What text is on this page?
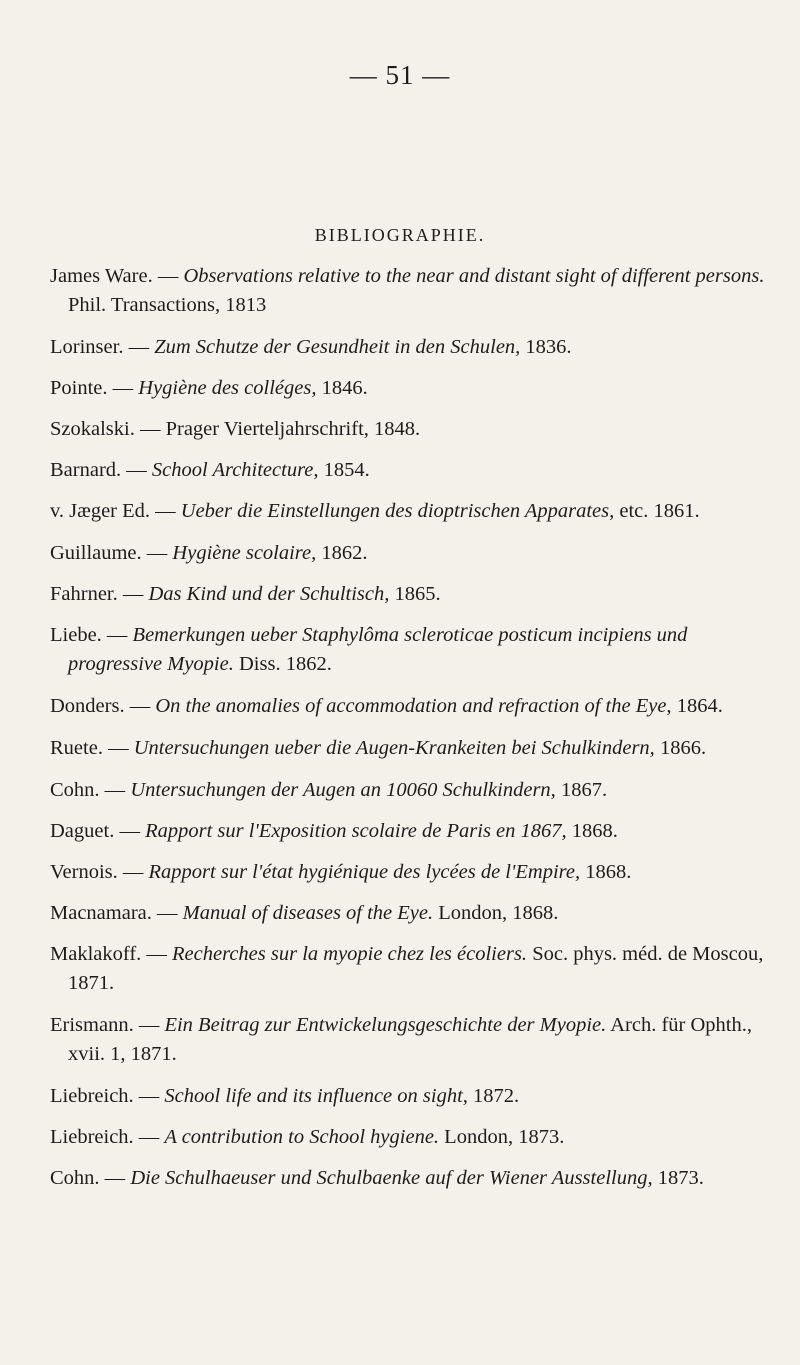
— 51 —
BIBLIOGRAPHIE.
James Ware. — Observations relative to the near and distant sight of different persons. Phil. Transactions, 1813
Lorinser. — Zum Schutze der Gesundheit in den Schulen, 1836.
Pointe. — Hygiène des colléges, 1846.
Szokalski. — Prager Vierteljahrschrift, 1848.
Barnard. — School Architecture, 1854.
v. Jæger Ed. — Ueber die Einstellungen des dioptrischen Apparates, etc. 1861.
Guillaume. — Hygiène scolaire, 1862.
Fahrner. — Das Kind und der Schultisch, 1865.
Liebe. — Bemerkungen ueber Staphylôma scleroticae posticum incipiens und progressive Myopie. Diss. 1862.
Donders. — On the anomalies of accommodation and refraction of the Eye, 1864.
Ruete. — Untersuchungen ueber die Augen-Krankeiten bei Schulkindern, 1866.
Cohn. — Untersuchungen der Augen an 10060 Schulkindern, 1867.
Daguet. — Rapport sur l'Exposition scolaire de Paris en 1867, 1868.
Vernois. — Rapport sur l'état hygiénique des lycées de l'Empire, 1868.
Macnamara. — Manual of diseases of the Eye. London, 1868.
Maklakoff. — Recherches sur la myopie chez les écoliers. Soc. phys. méd. de Moscou, 1871.
Erismann. — Ein Beitrag zur Entwickelungsgeschichte der Myopie. Arch. für Ophth., xvii. 1, 1871.
Liebreich. — School life and its influence on sight, 1872.
Liebreich. — A contribution to School hygiene. London, 1873.
Cohn. — Die Schulhaeuser und Schulbaenke auf der Wiener Ausstellung, 1873.
